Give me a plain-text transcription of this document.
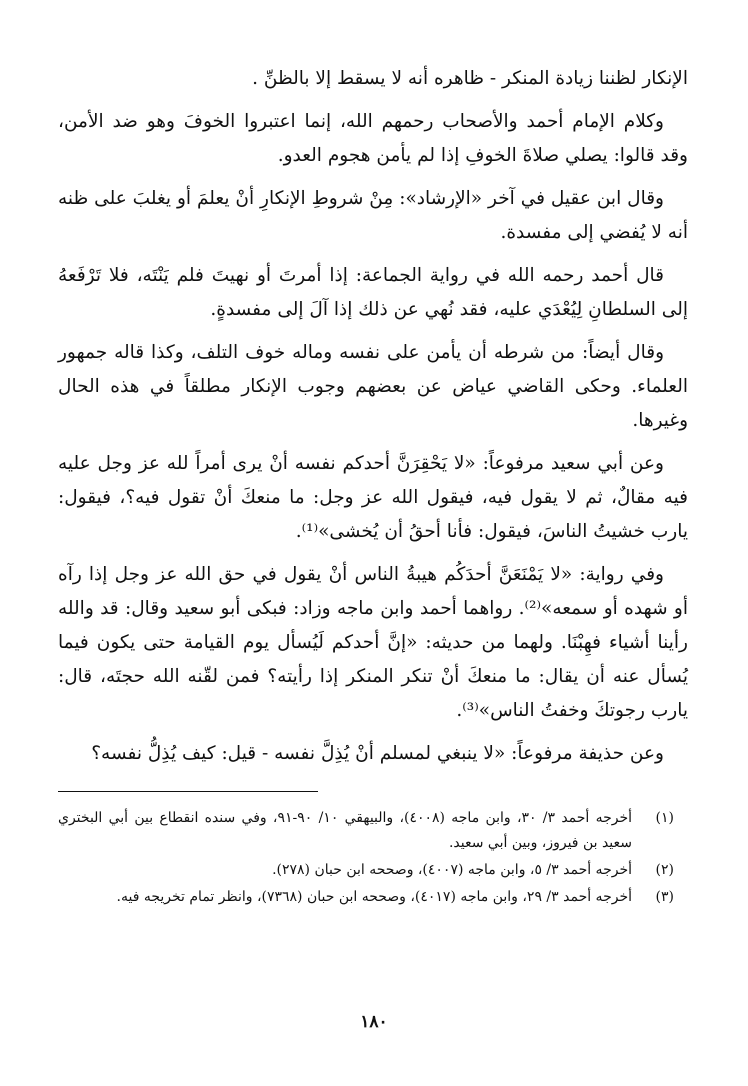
الإنكار لظننا زيادة المنكر - ظاهره أنه لا يسقط إلا بالظنِّ .

وكلام الإمام أحمد والأصحاب رحمهم الله، إنما اعتبروا الخوفَ وهو ضد الأمن، وقد قالوا: يصلي صلاةَ الخوفِ إذا لم يأمن هجوم العدو.

وقال ابن عقيل في آخر «الإرشاد»: مِنْ شروطِ الإنكارِ أنْ يعلمَ أو يغلبَ على ظنه أنه لا يُفضي إلى مفسدة.

قال أحمد رحمه الله في رواية الجماعة: إذا أمرتَ أو نهيتَ فلم يَنْتَه، فلا تَرْفَعهُ إلى السلطانِ لِيُعْدَي عليه، فقد نُهي عن ذلك إذا آلَ إلى مفسدةٍ.

وقال أيضاً: من شرطه أن يأمن على نفسه وماله خوف التلف، وكذا قاله جمهور العلماء. وحكى القاضي عياض عن بعضهم وجوب الإنكار مطلقاً في هذه الحال وغيرها.

وعن أبي سعيد مرفوعاً: «لا يَحْقِرَنَّ أحدكم نفسه أنْ يرى أمراً لله عز وجل عليه فيه مقالٌ، ثم لا يقول فيه، فيقول الله عز وجل: ما منعكَ أنْ تقول فيه؟، فيقول: يارب خشيتُ الناسَ، فيقول: فأنا أحقُ أن يُخشى»⁽¹⁾.

وفي رواية: «لا يَمْنَعَنَّ أحدَكُم هيبةُ الناس أنْ يقول في حق الله عز وجل إذا رآه أو شهده أو سمعه»⁽²⁾. رواهما أحمد وابن ماجه وزاد: فبكى أبو سعيد وقال: قد والله رأينا أشياء فهِبْنَا. ولهما من حديثه: «إنَّ أحدكم لَيُسأل يوم القيامة حتى يكون فيما يُسأل عنه أن يقال: ما منعكَ أنْ تنكر المنكر إذا رأيته؟ فمن لقّنه الله حجتَه، قال: يارب رجوتكَ وخفتُ الناس»⁽³⁾.

وعن حذيفة مرفوعاً: «لا ينبغي لمسلم أنْ يُذِلَّ نفسه - قيل: كيف يُذِلُّ نفسه؟

(١)
أخرجه أحمد ٣/ ٣٠، وابن ماجه (٤٠٠٨)، والبيهقي ١٠/ ٩٠-٩١، وفي سنده انقطاع بين أبي البختري سعيد بن فيروز، وبين أبي سعيد.
(٢)
أخرجه أحمد ٣/ ٥، وابن ماجه (٤٠٠٧)، وصححه ابن حبان (٢٧٨).
(٣)
أخرجه أحمد ٣/ ٢٩، وابن ماجه (٤٠١٧)، وصححه ابن حبان (٧٣٦٨)، وانظر تمام تخريجه فيه.
١٨٠
